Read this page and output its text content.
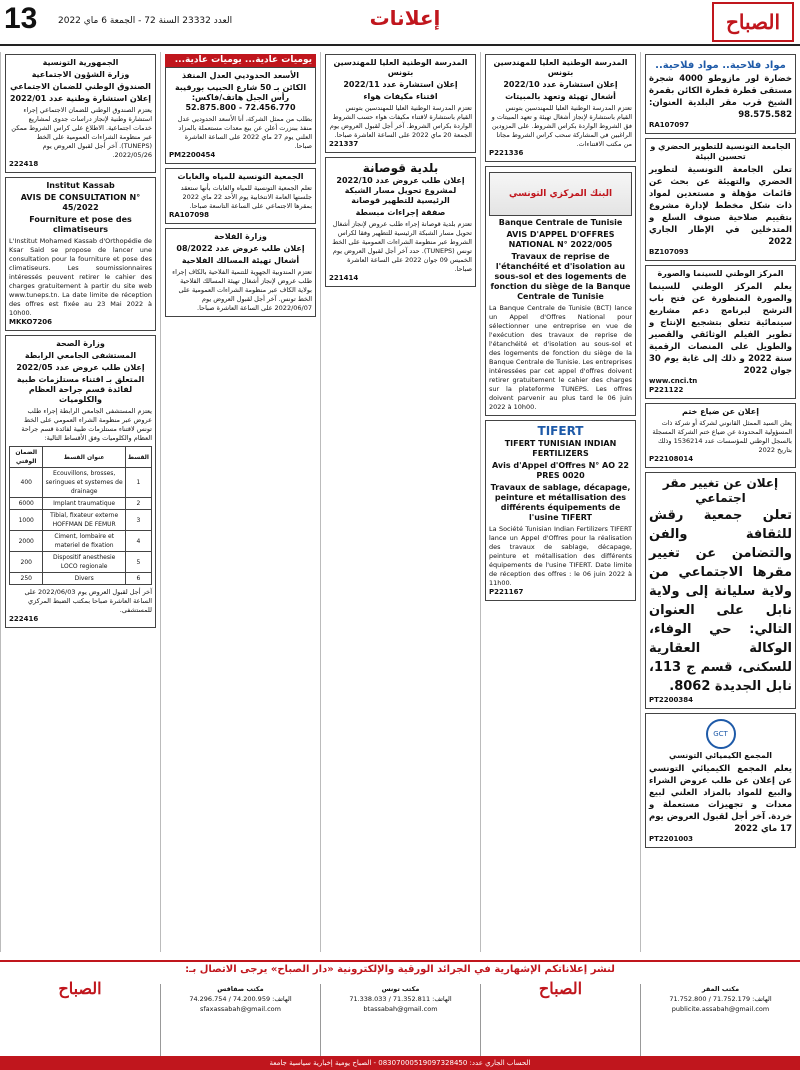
13 العدد 23332 السنة 72 - الجمعة 6 ماي 2022	إعلانات	الصباح
مواد فلاحية.. مواد فلاحية..
خضارة لور مازوطو 4000 شجرة مستقى قطرة قطرة الكائن بقمرة الشيخ قرب مقر البلدية العنوان: 98.575.582
RA107097
الجامعة التونسية للتطوير الحضري و تحسين البيئة
تعلن الجامعة التونسية لتطوير الحضري والتهيئة عن بحث عن قائمات مؤهلة و مستعدين لمواد ذات شكل مخطط لإدارة مشروع بتقييم صلاحية صنوف السلع و المتدخلين في الإطار الجاري 2022
BZ107093
المركز الوطني للسينما والصورة
يعلم المركز الوطني للسينما والصورة المنظورة عن فتح باب الترشح لبرنامج دعم مشاريع سينمائية تتعلق بتشجيع الإنتاج و تطوير الفيلم الوثائقي والقصير والطويل على المنصات الرقمية سنة 2022 و ذلك إلى غاية يوم 30 جوان 2022
www.cnci.tn
P221122
إعلان عن ضياع ختم
يعلن السيد الممثل القانوني لشركة أو شركة ذات المسؤولية المحدودة عن ضياع ختم الشركة المسجلة بالسجل الوطني للمؤسسات عدد 1536214 وذلك بتاريخ 2022
P22108014
إعلان عن تغيير مقر اجتماعي
تعلن جمعية رقش للثقافة والفن والتضامن عن تغيير مقرها الاجتماعي من ولاية سليانة إلى ولاية نابل على العنوان التالي: حي الوفاء، الوكالة العقارية للسكنى، قسم ج 113، نابل الجديدة 8062.
PT2200384
GCT
المجمع الكيميائي التونسي
يعلم المجمع الكيميائي التونسي عن إعلان عن طلب عروض الشراء والبيع للمواد بالمزاد العلني لبيع معدات و تجهيزات مستعملة و خردة. آخر أجل لقبول العروض يوم 17 ماي 2022
PT2201003
المدرسة الوطنية العليا للمهندسين بتونس
إعلان استشارة عدد 2022/10
أشغال تهيئة وتعهد بالمبيتات
تعتزم المدرسة الوطنية العليا للمهندسين بتونس القيام باستشارة لإنجاز أشغال تهيئة و تعهد المبيتات و فق الشروط الواردة بكراس الشروط. على المزودين الراغبين في المشاركة سحب كراس الشروط مجانا من مكتب الاقتناءات.
P221336
البنك المركزي التونسي
Banque Centrale de Tunisie
AVIS D'APPEL D'OFFRES NATIONAL N° 2022/005
Travaux de reprise de l'étanchéité et d'isolation au sous-sol et des logements de fonction du siège de la Banque Centrale de Tunisie
La Banque Centrale de Tunisie (BCT) lance un Appel d'Offres National pour sélectionner une entreprise en vue de l'exécution des travaux de reprise de l'étanchéité et d'isolation au sous-sol et des logements de fonction du siège de la Banque Centrale de Tunisie. Les entreprises intéressées par cet appel d'offres doivent retirer gratuitement le cahier des charges sur la plateforme TUNEPS. Les offres doivent parvenir au plus tard le 06 juin 2022 à 10h00.
TIFERT
TIFERT TUNISIAN INDIAN FERTILIZERS
Avis d'Appel d'Offres N° AO 22 PRES 0020
Travaux de sablage, décapage, peinture et métallisation des différents équipements de l'usine TIFERT
La Société Tunisian Indian Fertilizers TIFERT lance un Appel d'Offres pour la réalisation des travaux de sablage, décapage, peinture et métallisation des différents équipements de l'usine TIFERT. Date limite de réception des offres : le 06 juin 2022 à 11h00.
P221167
المدرسة الوطنية العليا للمهندسين بتونس
إعلان استشارة عدد 2022/11
اقتناء مكيفات هواء
تعتزم المدرسة الوطنية العليا للمهندسين بتونس القيام باستشارة لاقتناء مكيفات هواء حسب الشروط الواردة بكراس الشروط. آخر أجل لقبول العروض يوم الجمعة 20 ماي 2022 على الساعة العاشرة صباحا.
221337
بلدية قوصانة
إعلان طلب عروض عدد 2022/10 لمشروع تحويل مسار الشبكة الرئيسية للتطهير قوصانة
صفقة إجراءات مبسطة
تعتزم بلدية قوصانة إجراء طلب عروض لإنجاز أشغال تحويل مسار الشبكة الرئيسية للتطهير وفقا لكراس الشروط عبر منظومة الشراءات العمومية على الخط تونس (TUNEPS). حدد آخر أجل لقبول العروض يوم الخميس 09 جوان 2022 على الساعة العاشرة صباحا.
221414
يوميات عادية... يوميات عادية...
الأسعد الحدوديي العدل المنفذ
الكائن بـ 50 شارع الحبيب بورقيبة رأس الجبل هاتف/فاكس: 72.456.770 - 52.875.800
بطلب من ممثل الشركة، أنا الأسعد الحدوديي عدل منفذ ببنزرت أعلن عن بيع معدات مستعملة بالمزاد العلني يوم 27 ماي 2022 على الساعة العاشرة صباحا.
PM2200454
الجمعية التونسية للمياه والغابات
تعلم الجمعية التونسية للمياه والغابات بأنها ستعقد جلستها العامة الانتخابية يوم الأحد 22 ماي 2022 بمقرها الاجتماعي على الساعة التاسعة صباحا.
RA107098
وزارة الفلاحة
إعلان طلب عروض عدد 08/2022
أشغال تهيئة المسالك الفلاحية
تعتزم المندوبية الجهوية للتنمية الفلاحية بالكاف إجراء طلب عروض لإنجاز أشغال تهيئة المسالك الفلاحية بولاية الكاف عبر منظومة الشراءات العمومية على الخط تونس. آخر أجل لقبول العروض يوم 2022/06/07 على الساعة العاشرة صباحا.
الجمهورية التونسية
وزارة الشؤون الاجتماعية
الصندوق الوطني للضمان الاجتماعي
إعلان استشارة وطنية عدد 2022/01
يعتزم الصندوق الوطني للضمان الاجتماعي إجراء استشارة وطنية لإنجاز دراسات جدوى لمشاريع خدمات اجتماعية. الاطلاع على كراس الشروط ممكن عبر منظومة الشراءات العمومية على الخط (TUNEPS). آخر أجل لقبول العروض يوم 2022/05/26.
222418
Institut Kassab
AVIS DE CONSULTATION N° 45/2022
Fourniture et pose des climatiseurs
L'Institut Mohamed Kassab d'Orthopédie de Ksar Said se propose de lancer une consultation pour la fourniture et pose des climatiseurs. Les soumissionnaires intéressés peuvent retirer le cahier des charges gratuitement à partir du site web www.tuneps.tn. La date limite de réception des offres est fixée au 23 Mai 2022 à 10h00.
MKKO7206
وزارة الصحة
المستشفى الجامعي الرابطة
إعلان طلب عروض عدد 2022/05
المتعلق بـ اقتناء مستلزمات طبية لفائدة قسم جراحة العظام والكلوميات
يعتزم المستشفى الجامعي الرابطة إجراء طلب عروض عبر منظومة الشراء العمومي على الخط تونس لاقتناء مستلزمات طبية لفائدة قسم جراحة العظام والكلوميات وفق الأقساط التالية:
القسط	عنوان القسط	الضمان الوقتي
1	Ecouvillons, brosses, seringues et systemes de drainage	400
2	Implant traumatique	6000
3	Tibial, fixateur externe HOFFMAN DE FEMUR	1000
4	Ciment, lombaire et materiel de fixation	2000
5	Dispositif anesthesie LOCO regionale	200
6	Divers	250
آخر أجل لقبول العروض يوم 2022/06/03 على الساعة العاشرة صباحا بمكتب الضبط المركزي للمستشفى.
222416
لنشر إعلاناتكم الإشهارية في الجرائد الورقية والإلكترونية «دار الصباح» يرجى الاتصال بـ:
مكتب المقر
الهاتف: 71.752.179 / 71.752.800
publicite.assabah@gmail.com
الصباح
مكتب تونس
الهاتف: 71.352.811 / 71.338.033
btassabah@gmail.com
مكتب صفاقس
الهاتف: 74.200.959 / 74.296.754
sfaxassabah@gmail.com
الصباح
الحساب الجاري عدد: 08307000519097328450 - الصباح يومية إخبارية سياسية جامعة
